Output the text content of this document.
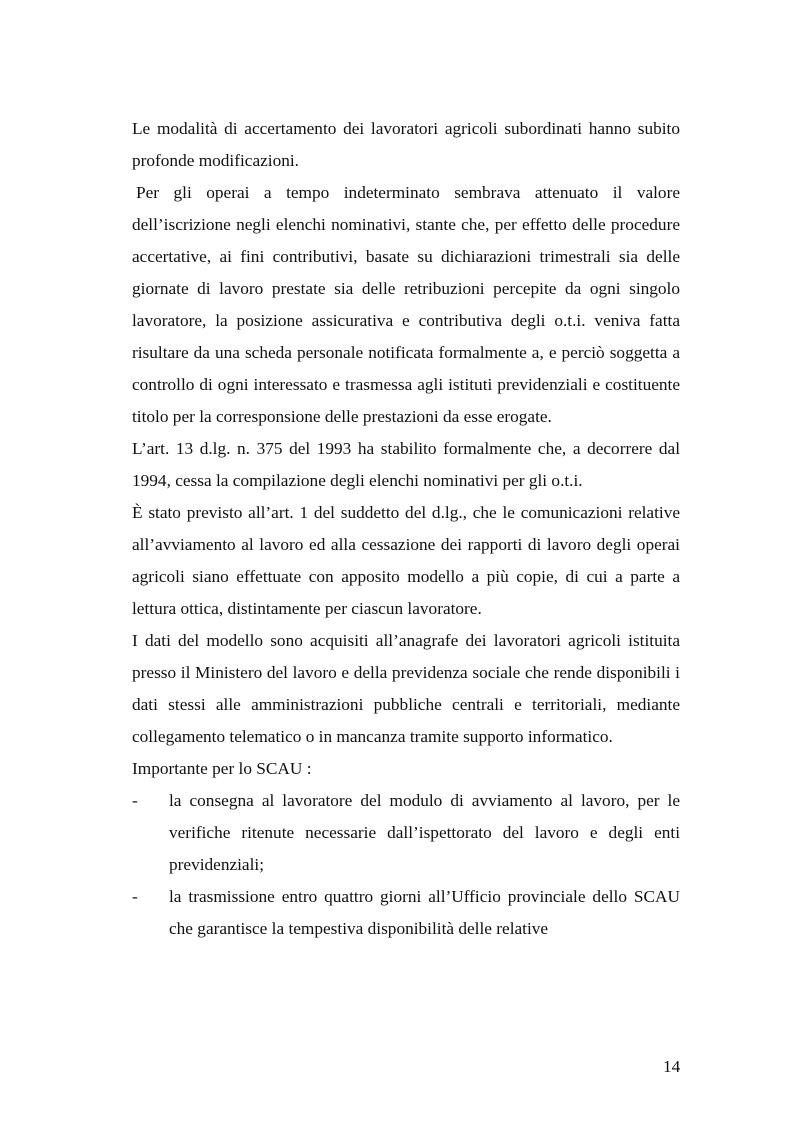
Le modalità di accertamento dei lavoratori agricoli subordinati hanno subito profonde modificazioni.

Per gli operai a tempo indeterminato sembrava attenuato il valore dell’iscrizione negli elenchi nominativi, stante che, per effetto delle procedure accertative, ai fini contributivi, basate su dichiarazioni trimestrali sia delle giornate di lavoro prestate sia delle retribuzioni percepite da ogni singolo lavoratore, la posizione assicurativa e contributiva degli o.t.i. veniva fatta risultare da una scheda personale notificata formalmente a, e perciò soggetta a controllo di ogni interessato e trasmessa agli istituti previdenziali e costituente titolo per la corresponsione delle prestazioni da esse erogate.

L’art. 13 d.lg. n. 375 del 1993 ha stabilito formalmente che, a decorrere dal 1994, cessa la compilazione degli elenchi nominativi per gli o.t.i.

È stato previsto all’art. 1 del suddetto del d.lg., che le comunicazioni relative all’avviamento al lavoro ed alla cessazione dei rapporti di lavoro degli operai agricoli siano effettuate con apposito modello a più copie, di cui a parte a lettura ottica, distintamente per ciascun lavoratore.

I dati del modello sono acquisiti all’anagrafe dei lavoratori agricoli istituita presso il Ministero del lavoro e della previdenza sociale che rende disponibili i dati stessi alle amministrazioni pubbliche centrali e territoriali, mediante collegamento telematico o in mancanza tramite supporto informatico.

Importante per lo SCAU :

- la consegna al lavoratore del modulo di avviamento al lavoro, per le verifiche ritenute necessarie dall’ispettorato del lavoro e degli enti previdenziali;
- la trasmissione entro quattro giorni all’Ufficio provinciale dello SCAU che garantisce la tempestiva disponibilità delle relative
14
